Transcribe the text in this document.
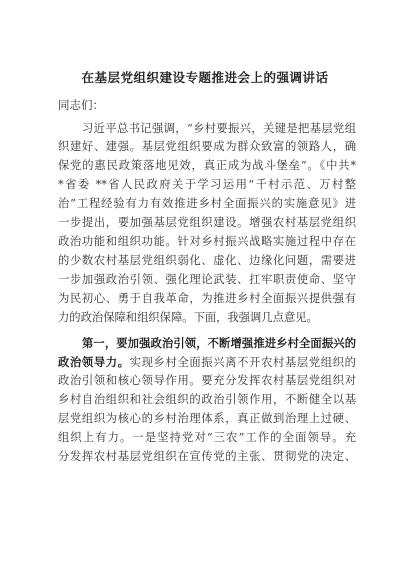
在基层党组织建设专题推进会上的强调讲话
同志们：
习近平总书记强调，“乡村要振兴，关键是把基层党组
织建好、建强。基层党组织要成为群众致富的领路人，确
保党的惠民政策落地见效，真正成为战斗堡垒”。《中共*
*省委 **省人民政府关于学习运用“千村示范、万村整
治”工程经验有力有效推进乡村全面振兴的实施意见》进
一步提出，要加强基层党组织建设。增强农村基层党组织
政治功能和组织功能。针对乡村振兴战略实施过程中存在
的少数农村基层党组织弱化、虚化、边缘化问题，需要进
一步加强政治引领、强化理论武装、扛牢职责使命、坚守
为民初心、勇于自我革命，为推进乡村全面振兴提供强有
力的政治保障和组织保障。下面，我强调几点意见。
第一，要加强政治引领，不断增强推进乡村全面振兴的
政治领导力。实现乡村全面振兴离不开农村基层党组织的
政治引领和核心领导作用。要充分发挥农村基层党组织对
乡村自治组织和社会组织的政治引领作用，不断健全以基
层党组织为核心的乡村治理体系，真正做到治理上过硬、
组织上有力。一是坚持党对“三农”工作的全面领导。充
分发挥农村基层党组织在宣传党的主张、贯彻党的决定、
